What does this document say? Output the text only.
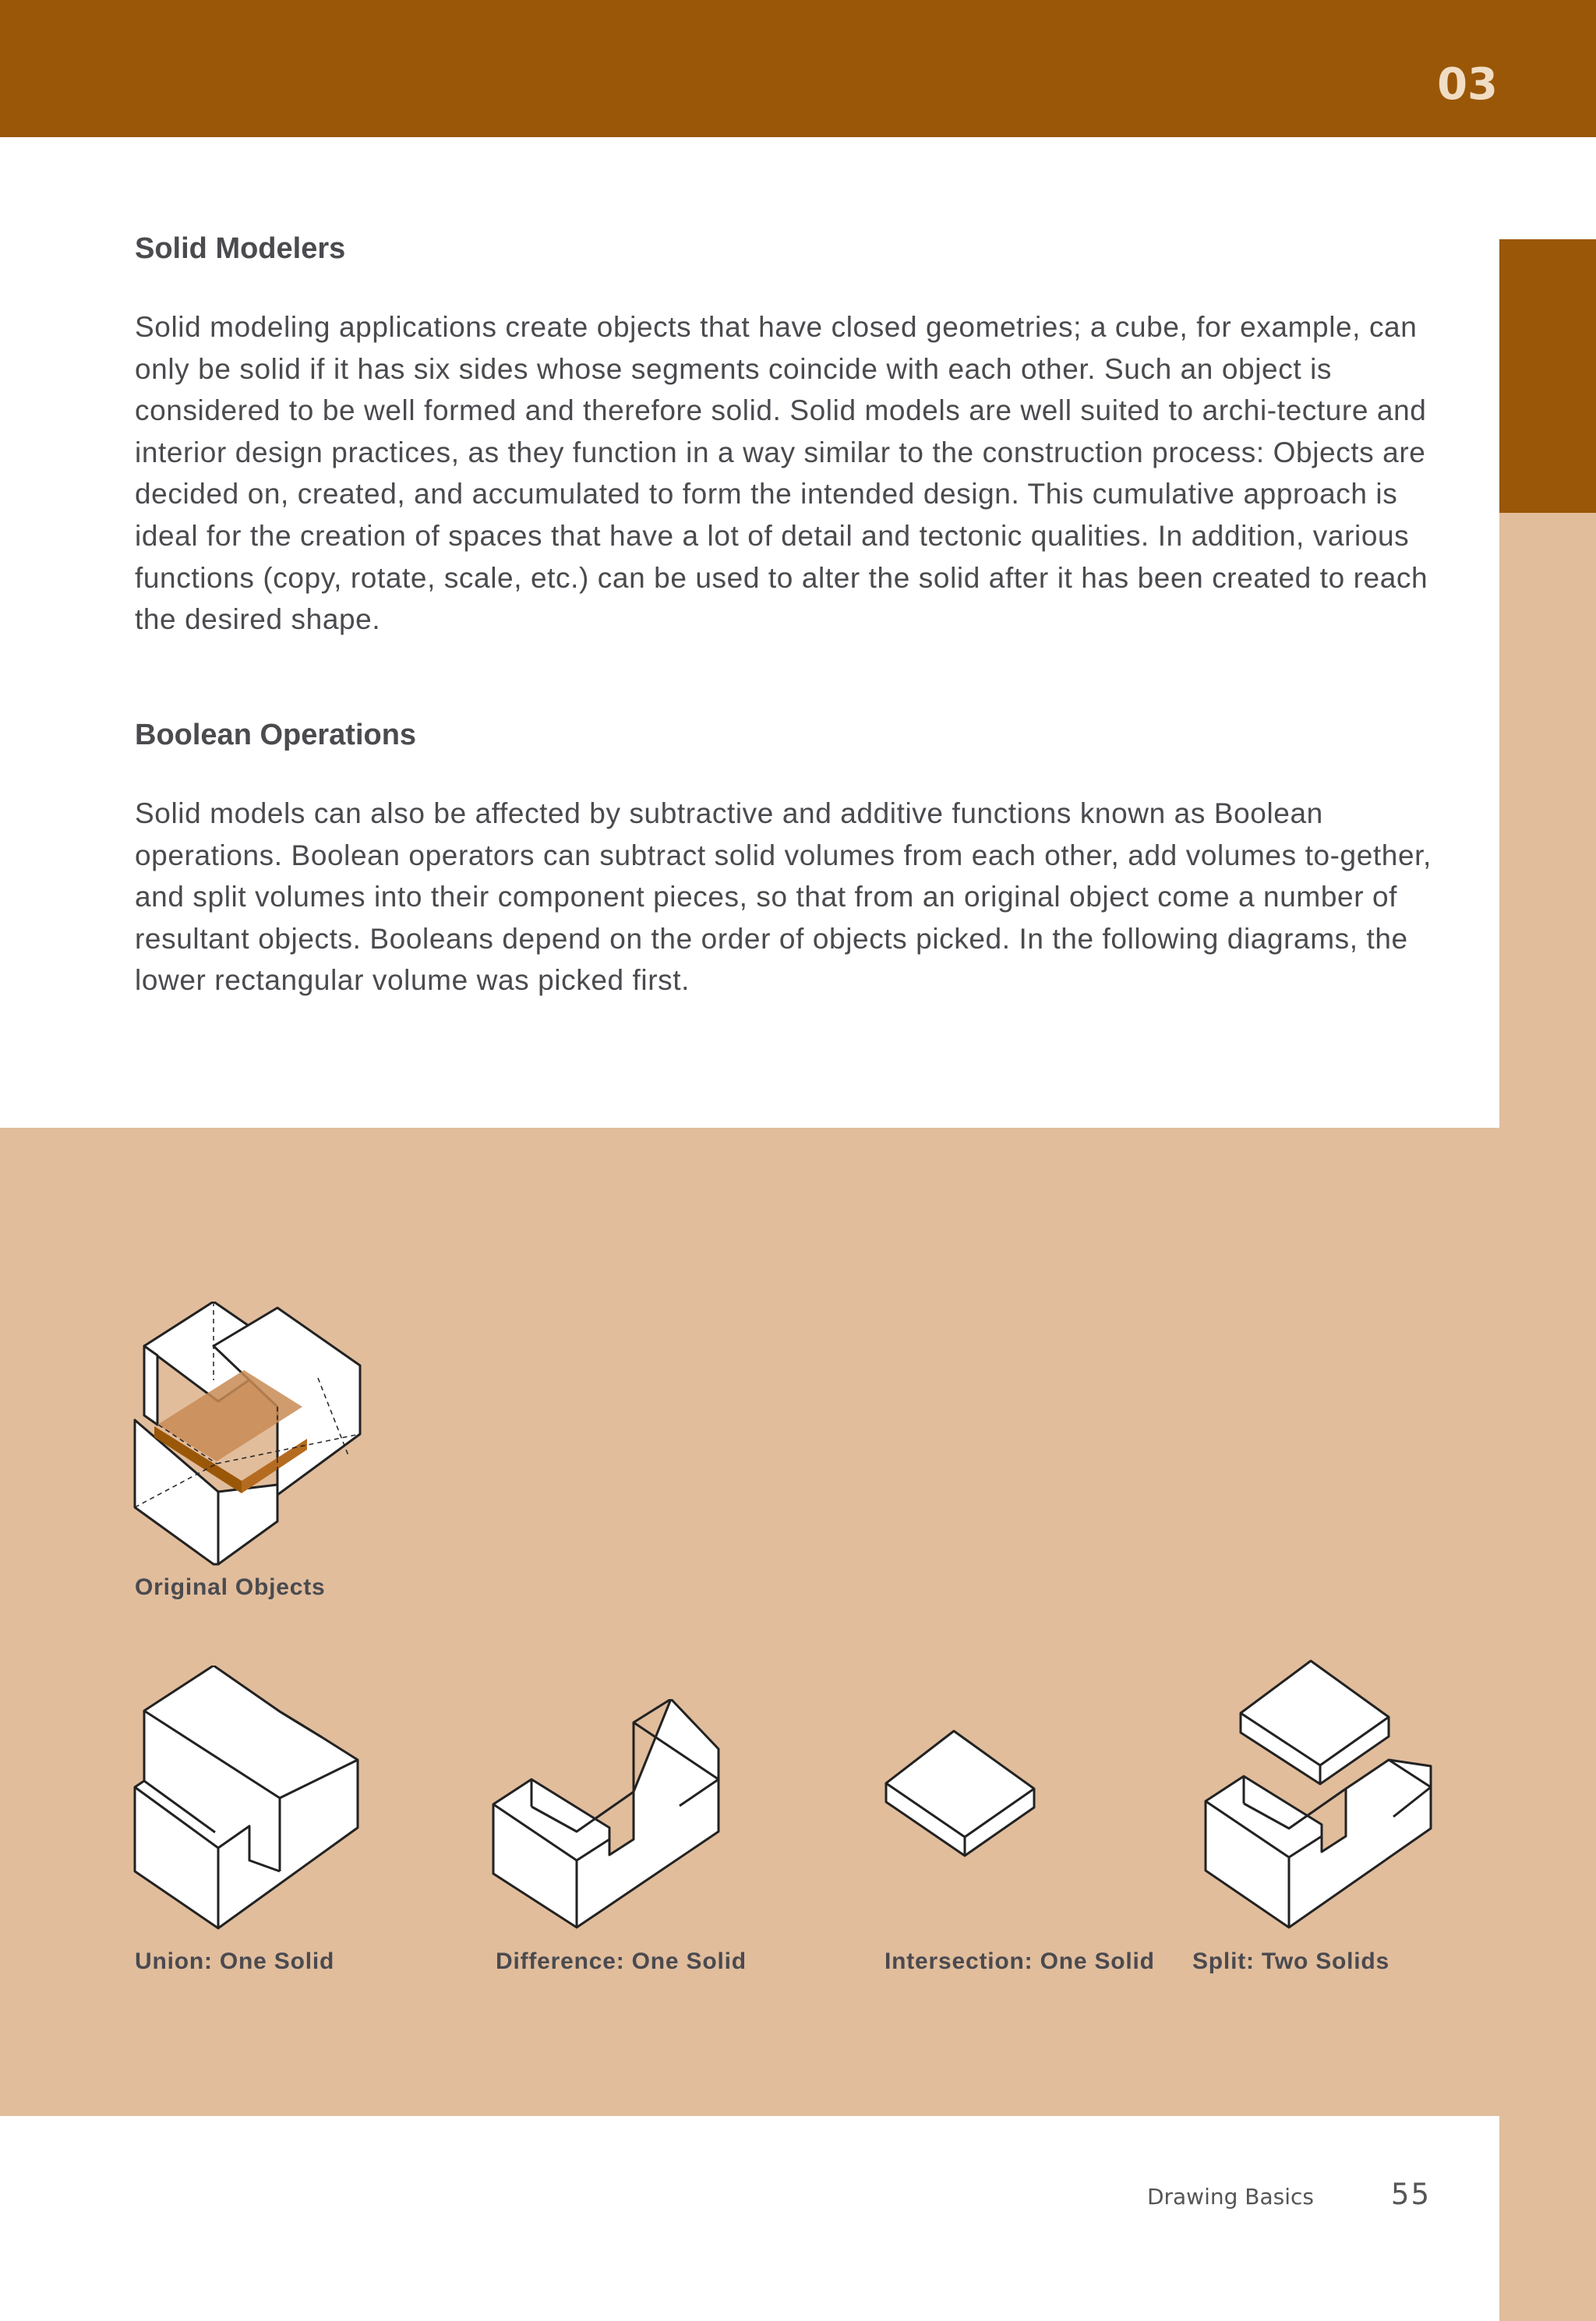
03
Solid Modelers

Solid modeling applications create objects that have closed geometries; a cube, for example, can only be solid if it has six sides whose segments coincide with each other. Such an object is considered to be well formed and therefore solid. Solid models are well suited to archi-tecture and interior design practices, as they function in a way similar to the construction process: Objects are decided on, created, and accumulated to form the intended design. This cumulative approach is ideal for the creation of spaces that have a lot of detail and tectonic qualities. In addition, various functions (copy, rotate, scale, etc.) can be used to alter the solid after it has been created to reach the desired shape.

Boolean Operations

Solid models can also be affected by subtractive and additive functions known as Boolean operations. Boolean operators can subtract solid volumes from each other, add volumes to-gether, and split volumes into their component pieces, so that from an original object come a number of resultant objects. Booleans depend on the order of objects picked. In the following diagrams, the lower rectangular volume was picked first.

Original Objects
Union: One Solid	Difference: One Solid	Intersection: One Solid Split: Two Solids
Drawing Basics	55
